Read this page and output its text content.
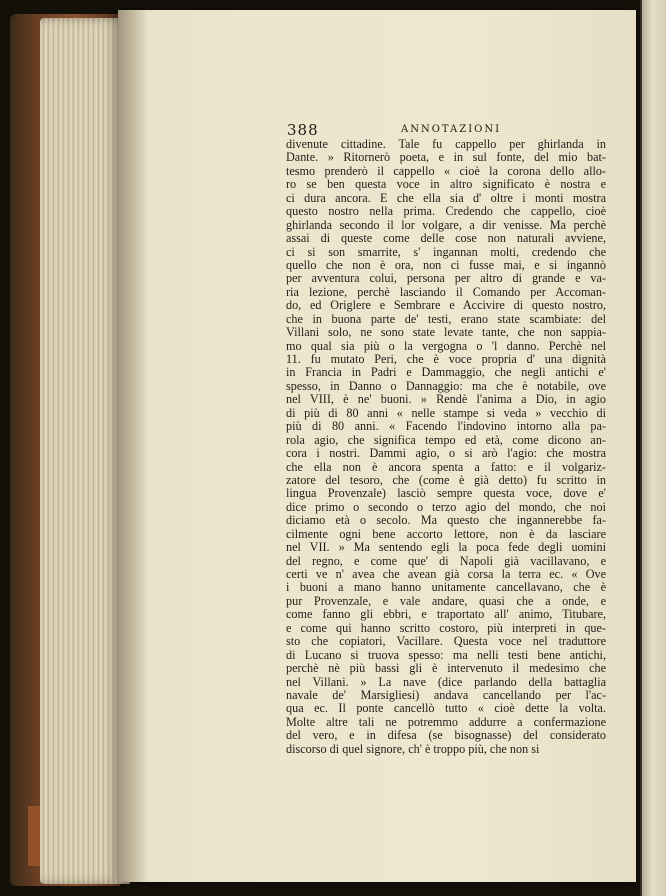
388	ANNOTAZIONI
divenute cittadine. Tale fu cappello per ghirlanda in
Dante. » Ritornerò poeta, e in sul fonte, del mio bat-
tesmo prenderò il cappello « cioè la corona dello allo-
ro se ben questa voce in altro significato è nostra e
ci dura ancora. E che ella sia d' oltre i monti mostra
questo nostro nella prima. Credendo che cappello, cioè
ghirlanda secondo il lor volgare, a dir venisse. Ma perchè
assai di queste come delle cose non naturali avviene,
ci si son smarrite, s' ingannan molti, credendo che
quello che non è ora, non ci fusse mai, e si ingannò
per avventura colui, persona per altro di grande e va-
ria lezione, perchè lasciando il Comando per Accoman-
do, ed Origlere e Sembrare e Accivire di questo nostro,
che in buona parte de' testi, erano state scambiate: del
Villani solo, ne sono state levate tante, che non sappia-
mo qual sia più o la vergogna o 'l danno. Perchè nel
11. fu mutato Peri, che è voce propria d' una dignità
in Francia in Padri e Dammaggio, che negli antichi e'
spesso, in Danno o Dannaggio: ma che è notabile, ove
nel VIII, è ne' buoni. » Rendè l'anima a Dio, in agio
di più di 80 anni « nelle stampe si veda » vecchio di
più di 80 anni. « Facendo l'indovino intorno alla pa-
rola agio, che significa tempo ed età, come dicono an-
cora i nostri. Dammi agio, o si arò l'agio: che mostra
che ella non è ancora spenta a fatto: e il volgariz-
zatore del tesoro, che (come è già detto) fu scritto in
lingua Provenzale) lasciò sempre questa voce, dove e'
dice primo o secondo o terzo agio del mondo, che noi
diciamo età o secolo. Ma questo che ingannerebbe fa-
cilmente ogni bene accorto lettore, non è da lasciare
nel VII. » Ma sentendo egli la poca fede degli uomini
del regno, e come que' di Napoli già vacillavano, e
certi ve n' avea che avean già corsa la terra ec. « Ove
i buoni a mano hanno unitamente cancellavano, che è
pur Provenzale, e vale andare, quasi che a onde, e
come fanno gli ebbri, e traportato all' animo, Titubare,
e come qui hanno scritto costoro, più interpreti in que-
sto che copiatori, Vacillare. Questa voce nel traduttore
di Lucano si truova spesso: ma nelli testi bene antichi,
perchè nè più bassi gli è intervenuto il medesimo che
nel Villani. » La nave (dice parlando della battaglia
navale de' Marsigliesi) andava cancellando per l'ac-
qua ec. Il ponte cancellò tutto « cioè dette la volta.
Molte altre tali ne potremmo addurre a confermazione
del vero, e in difesa (se bisognasse) del considerato
discorso di quel signore, ch' è troppo più, che non si
